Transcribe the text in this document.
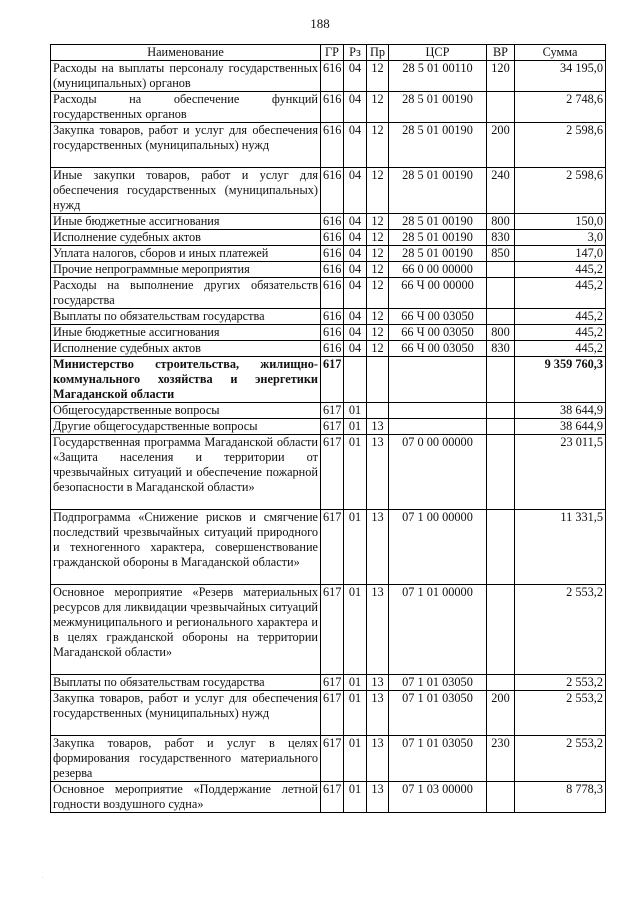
188
Наименование	ГР	Рз	Пр	ЦСР	ВР	Сумма
Расходы на выплаты персоналу государственных (муниципальных) органов	616	04	12	28 5 01 00110	120	34 195,0
Расходы на обеспечение функций государственных органов	616	04	12	28 5 01 00190		2 748,6
Закупка товаров, работ и услуг для обеспечения государственных (муниципальных) нужд	616	04	12	28 5 01 00190	200	2 598,6
Иные закупки товаров, работ и услуг для обеспечения государственных (муниципальных) нужд	616	04	12	28 5 01 00190	240	2 598,6
Иные бюджетные ассигнования	616	04	12	28 5 01 00190	800	150,0
Исполнение судебных актов	616	04	12	28 5 01 00190	830	3,0
Уплата налогов, сборов и иных платежей	616	04	12	28 5 01 00190	850	147,0
Прочие непрограммные мероприятия	616	04	12	66 0 00 00000		445,2
Расходы на выполнение других обязательств государства	616	04	12	66 Ч 00 00000		445,2
Выплаты по обязательствам государства	616	04	12	66 Ч 00 03050		445,2
Иные бюджетные ассигнования	616	04	12	66 Ч 00 03050	800	445,2
Исполнение судебных актов	616	04	12	66 Ч 00 03050	830	445,2
Министерство строительства, жилищно-коммунального хозяйства и энергетики Магаданской области	617					9 359 760,3
Общегосударственные вопросы	617	01				38 644,9
Другие общегосударственные вопросы	617	01	13			38 644,9
Государственная программа Магаданской области «Защита населения и территории от чрезвычайных ситуаций и обеспечение пожарной безопасности в Магаданской области»	617	01	13	07 0 00 00000		23 011,5
Подпрограмма «Снижение рисков и смягчение последствий чрезвычайных ситуаций природного и техногенного характера, совершенствование гражданской обороны в Магаданской области»	617	01	13	07 1 00 00000		11 331,5
Основное мероприятие «Резерв материальных ресурсов для ликвидации чрезвычайных ситуаций межмуниципального и регионального характера и в целях гражданской обороны на территории Магаданской области»	617	01	13	07 1 01 00000		2 553,2
Выплаты по обязательствам государства	617	01	13	07 1 01 03050		2 553,2
Закупка товаров, работ и услуг для обеспечения государственных (муниципальных) нужд	617	01	13	07 1 01 03050	200	2 553,2
Закупка товаров, работ и услуг в целях формирования государственного материального резерва	617	01	13	07 1 01 03050	230	2 553,2
Основное мероприятие «Поддержание летной годности воздушного судна»	617	01	13	07 1 03 00000		8 778,3
·
